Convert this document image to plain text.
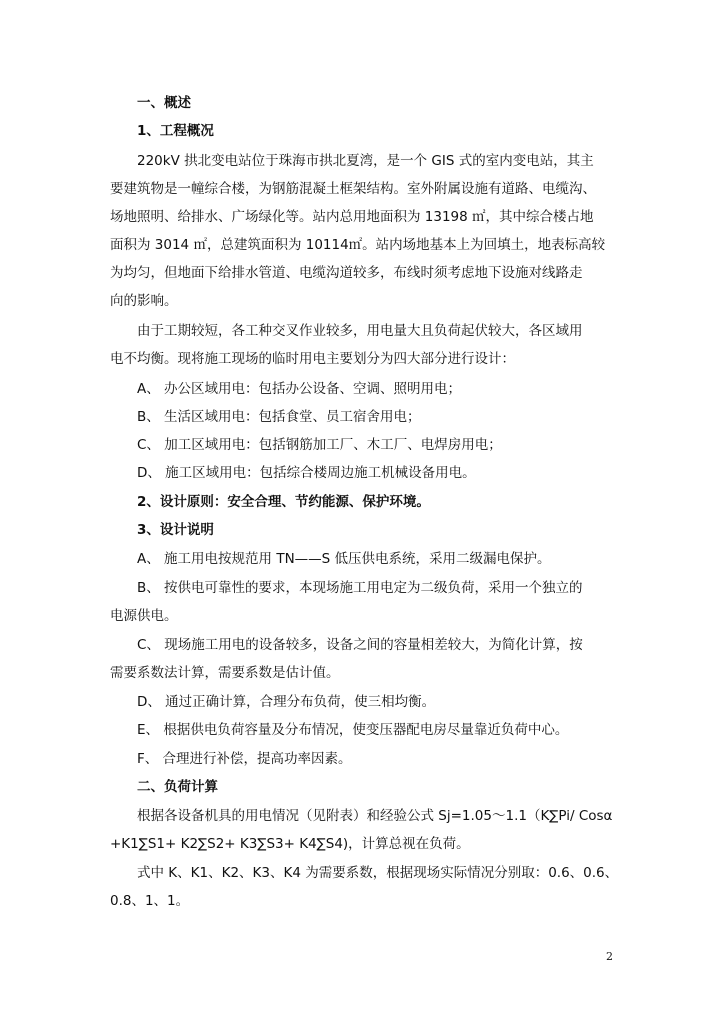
一、概述
1、工程概况
220kV 拱北变电站位于珠海市拱北夏湾，是一个 GIS 式的室内变电站，其主
要建筑物是一幢综合楼，为钢筋混凝土框架结构。室外附属设施有道路、电缆沟、
场地照明、给排水、广场绿化等。站内总用地面积为 13198 ㎡，其中综合楼占地
面积为 3014 ㎡，总建筑面积为 10114㎡。站内场地基本上为回填土，地表标高较
为均匀，但地面下给排水管道、电缆沟道较多，布线时须考虑地下设施对线路走
向的影响。
由于工期较短，各工种交叉作业较多，用电量大且负荷起伏较大，各区域用
电不均衡。现将施工现场的临时用电主要划分为四大部分进行设计：
A、 办公区域用电：包括办公设备、空调、照明用电；
B、 生活区域用电：包括食堂、员工宿舍用电；
C、 加工区域用电：包括钢筋加工厂、木工厂、电焊房用电；
D、 施工区域用电：包括综合楼周边施工机械设备用电。
2、设计原则：安全合理、节约能源、保护环境。
3、设计说明
A、 施工用电按规范用 TN——S 低压供电系统，采用二级漏电保护。
B、 按供电可靠性的要求，本现场施工用电定为二级负荷，采用一个独立的
电源供电。
C、 现场施工用电的设备较多，设备之间的容量相差较大，为简化计算，按
需要系数法计算，需要系数是估计值。
D、 通过正确计算，合理分布负荷，使三相均衡。
E、 根据供电负荷容量及分布情况，使变压器配电房尽量靠近负荷中心。
F、 合理进行补偿，提高功率因素。
二、负荷计算
根据各设备机具的用电情况（见附表）和经验公式 Sj=1.05～1.1（K∑Pi/ Cosα
+K1∑S1+ K2∑S2+ K3∑S3+ K4∑S4)，计算总视在负荷。
式中 K、K1、K2、K3、K4 为需要系数，根据现场实际情况分别取：0.6、0.6、
0.8、1、1。
2
